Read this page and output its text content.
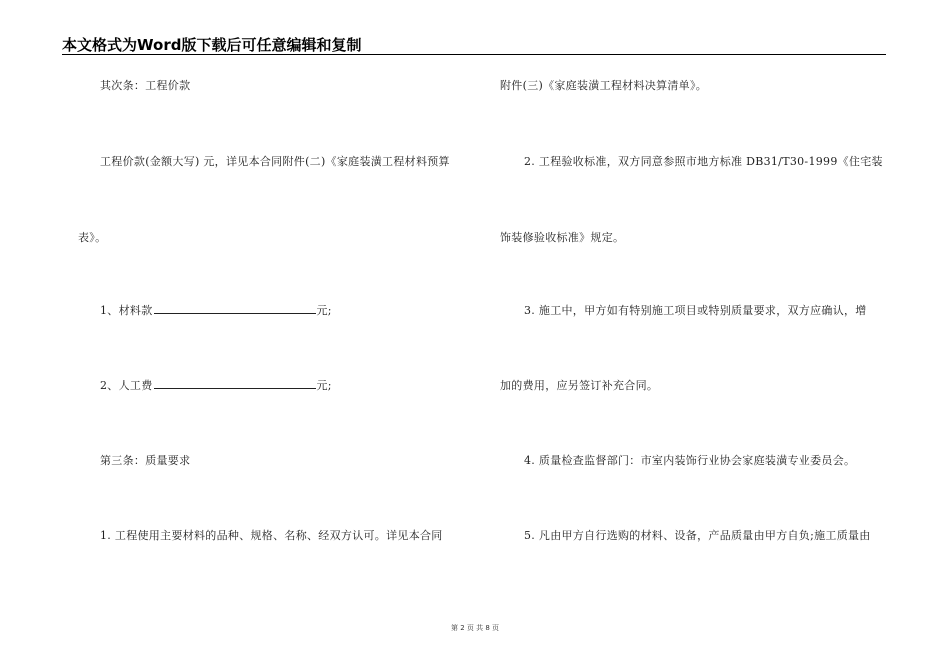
本文格式为Word版下载后可任意编辑和复制
其次条：工程价款
工程价款(金额大写) 元，详见本合同附件(二)《家庭装潢工程材料预算
表》。
1、材料款	元;
2、人工费	元;
第三条：质量要求
1. 工程使用主要材料的品种、规格、名称、经双方认可。详见本合同
附件(三)《家庭装潢工程材料决算清单》。
2. 工程验收标准，双方同意参照市地方标准 DB31/T30-1999《住宅装
饰装修验收标准》规定。
3. 施工中，甲方如有特别施工项目或特别质量要求，双方应确认，增
加的费用，应另签订补充合同。
4. 质量检查监督部门：市室内装饰行业协会家庭装潢专业委员会。
5. 凡由甲方自行选购的材料、设备，产品质量由甲方自负;施工质量由
第 2 页 共 8 页
